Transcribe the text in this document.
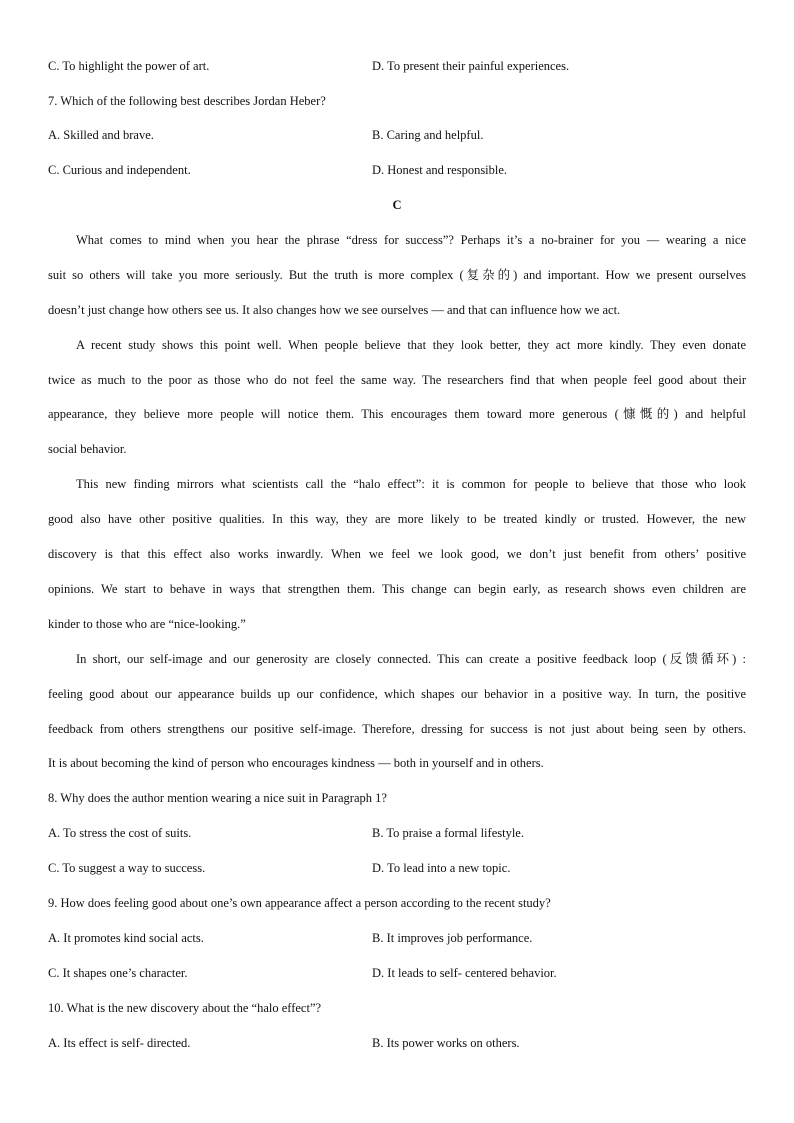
C. To highlight the power of art.	D. To present their painful experiences.
7. Which of the following best describes Jordan Heber?
A. Skilled and brave.	B. Caring and helpful.
C. Curious and independent.	D. Honest and responsible.
C
What comes to mind when you hear the phrase “dress for success”? Perhaps it’s a no-brainer for you — wearing a nice
suit so others will take you more seriously. But the truth is more complex (复杂的) and important. How we present ourselves
doesn’t just change how others see us. It also changes how we see ourselves — and that can influence how we act.
A recent study shows this point well. When people believe that they look better, they act more kindly. They even donate
twice as much to the poor as those who do not feel the same way. The researchers find that when people feel good about their
appearance, they believe more people will notice them. This encourages them toward more generous (慷慨的) and helpful
social behavior.
This new finding mirrors what scientists call the “halo effect”: it is common for people to believe that those who look
good also have other positive qualities. In this way, they are more likely to be treated kindly or trusted. However, the new
discovery is that this effect also works inwardly. When we feel we look good, we don’t just benefit from others’ positive
opinions. We start to behave in ways that strengthen them. This change can begin early, as research shows even children are
kinder to those who are “nice-looking.”
In short, our self-image and our generosity are closely connected. This can create a positive feedback loop (反馈循环) :
feeling good about our appearance builds up our confidence, which shapes our behavior in a positive way. In turn, the positive
feedback from others strengthens our positive self-image. Therefore, dressing for success is not just about being seen by others.
It is about becoming the kind of person who encourages kindness — both in yourself and in others.
8. Why does the author mention wearing a nice suit in Paragraph 1?
A. To stress the cost of suits.	B. To praise a formal lifestyle.
C. To suggest a way to success.	D. To lead into a new topic.
9. How does feeling good about one’s own appearance affect a person according to the recent study?
A. It promotes kind social acts.	B. It improves job performance.
C. It shapes one’s character.	D. It leads to self- centered behavior.
10. What is the new discovery about the “halo effect”?
A. Its effect is self- directed.	B. Its power works on others.
